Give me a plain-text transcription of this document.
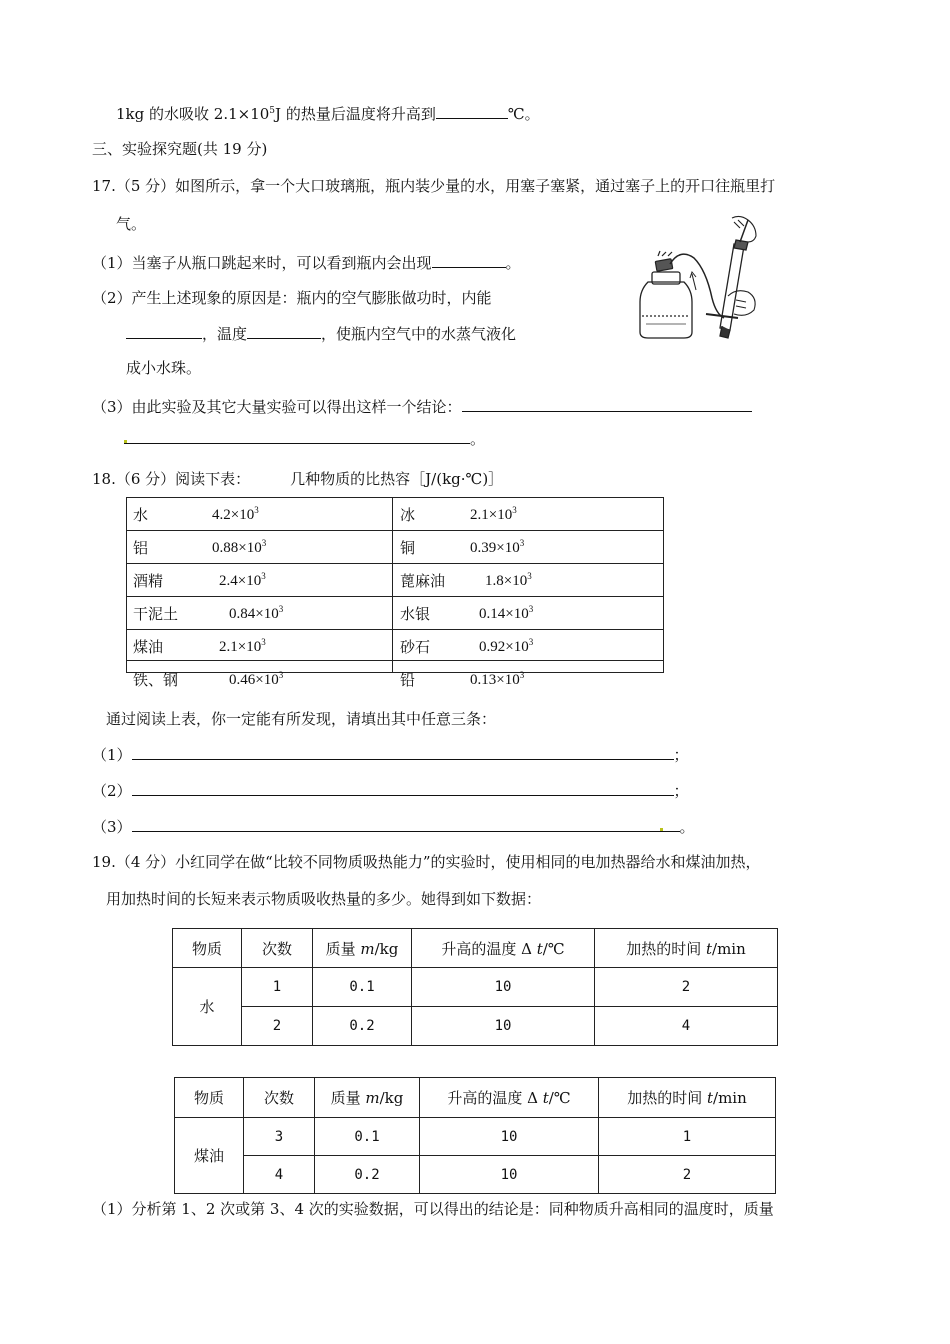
1kg 的水吸收 $2.1\times 10^5J$ 的热量后温度将升高到	℃。
三、实验探究题(共 19 分)
17.（5 分）如图所示，拿一个大口玻璃瓶，瓶内装少量的水，用塞子塞紧，通过塞子上的开口往瓶里打
气。
（1）当塞子从瓶口跳起来时，可以看到瓶内会出现	。
（2）产生上述现象的原因是：瓶内的空气膨胀做功时，内能
，温度	，使瓶内空气中的水蒸气液化
成小水珠。
（3）由此实验及其它大量实验可以得出这样一个结论：
。
18.（6 分）阅读下表：	几种物质的比热容［J/(kg·℃)］
水	$4.2\times 10^3$	冰	$2.1\times 10^3$
铝	$0.88\times 10^3$	铜	$0.39\times 10^3$
酒精	$2.4\times 10^3$	蓖麻油	$1.8\times 10^3$
干泥土	$0.84\times 10^3$	水银	$0.14\times 10^3$
煤油	$2.1\times 10^3$	砂石	$0.92\times 10^3$
铁、钢	$0.46\times 10^3$	铅	$0.13\times 10^3$
通过阅读上表，你一定能有所发现，请填出其中任意三条：
（1）	；
（2）	；
（3）	。
19.（4 分）小红同学在做“比较不同物质吸热能力”的实验时，使用相同的电加热器给水和煤油加热，
用加热时间的长短来表示物质吸收热量的多少。她得到如下数据：
物质	次数	质量 m/kg	升高的温度 Δ t/℃	加热的时间 t/min
水	1	0.1	10	2
	2	0.2	10	4
物质	次数	质量 m/kg	升高的温度 Δ t/℃	加热的时间 t/min
煤油	3	0.1	10	1
	4	0.2	10	2
（1）分析第 1、2 次或第 3、4 次的实验数据，可以得出的结论是：同种物质升高相同的温度时，质量
